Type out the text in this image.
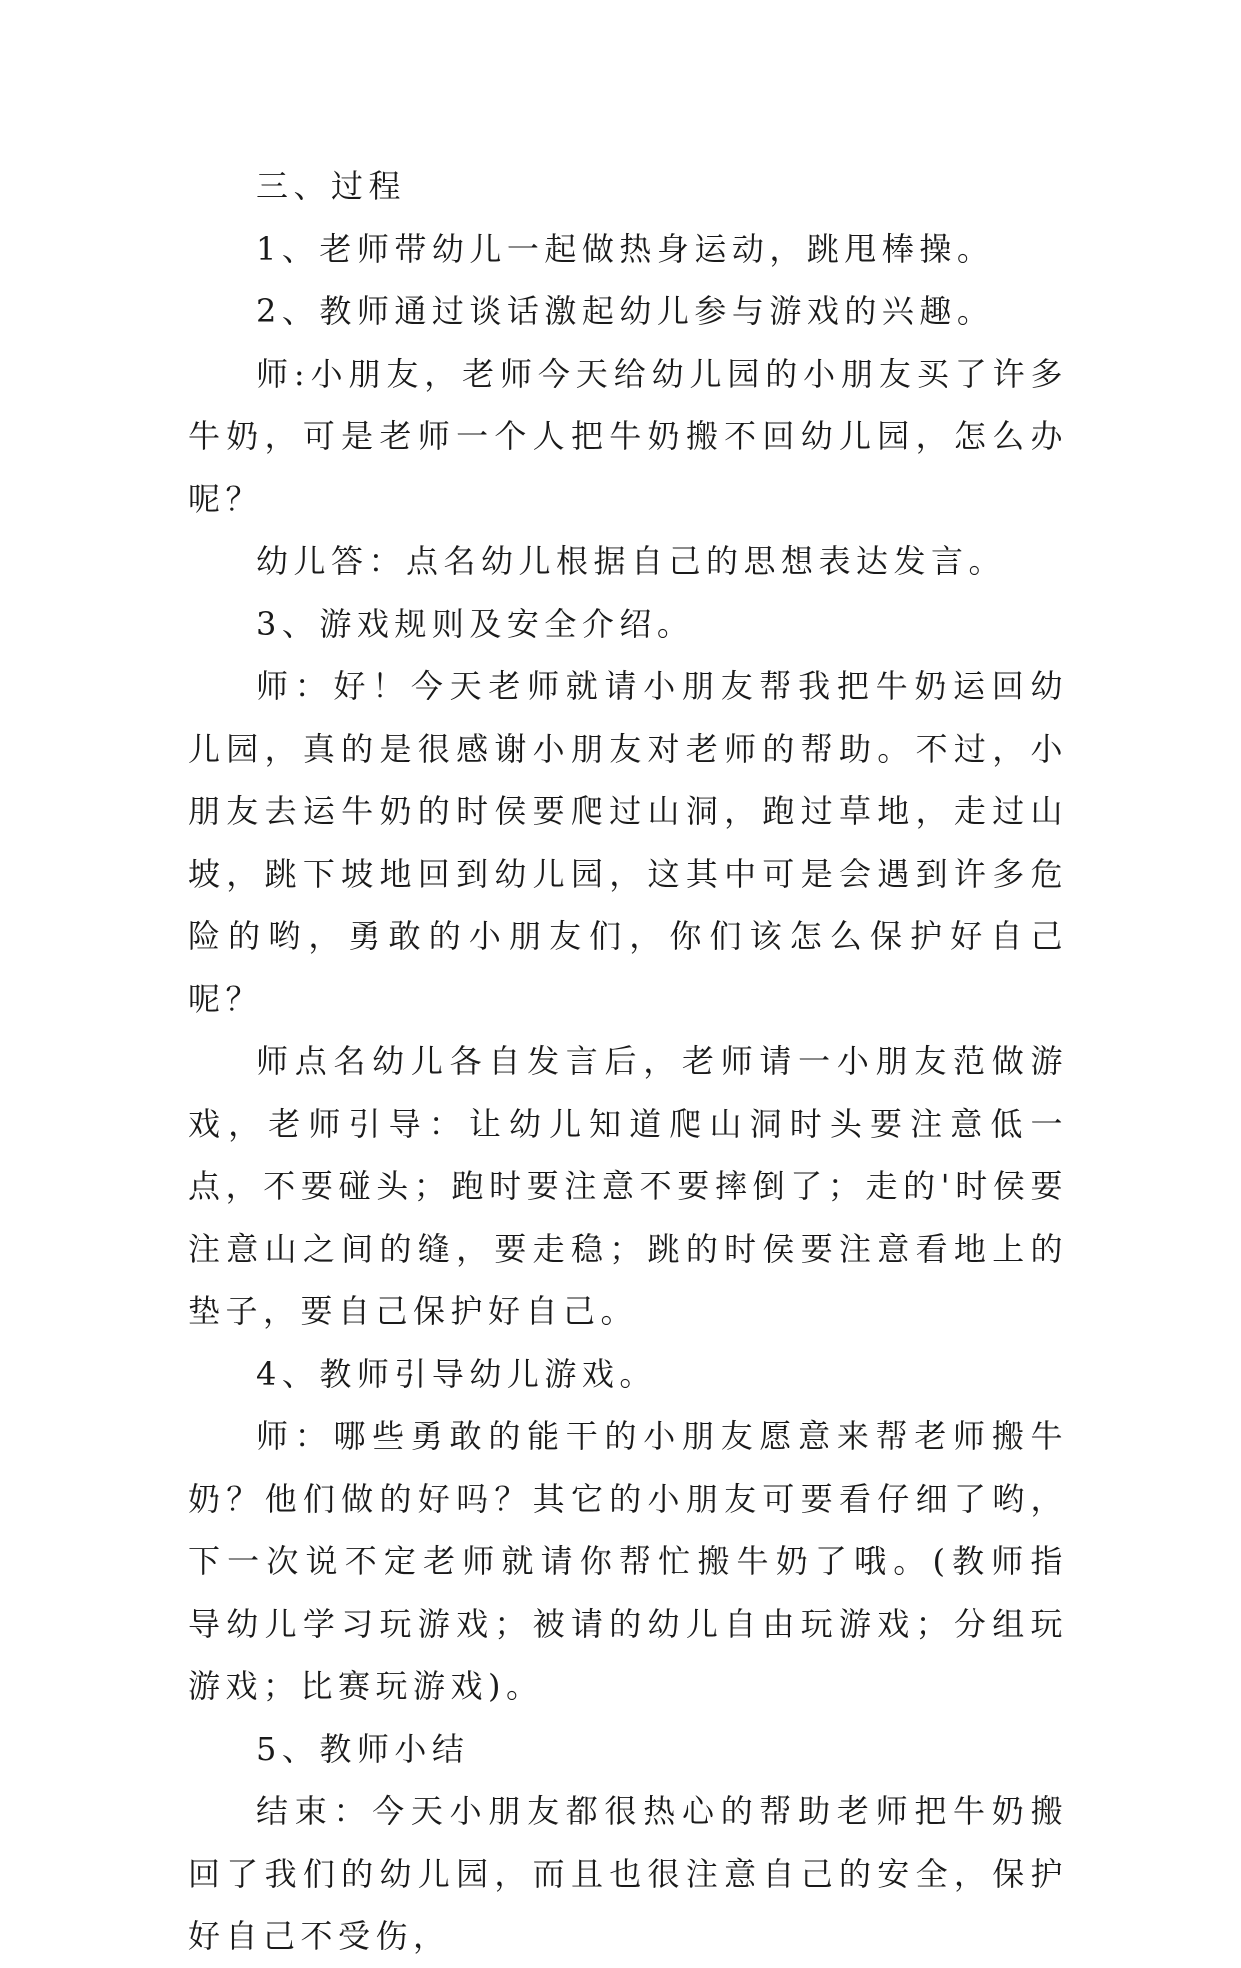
三、过程

1、老师带幼儿一起做热身运动，跳甩棒操。

2、教师通过谈话激起幼儿参与游戏的兴趣。

师:小朋友，老师今天给幼儿园的小朋友买了许多牛奶，可是老师一个人把牛奶搬不回幼儿园，怎么办呢？

幼儿答：点名幼儿根据自己的思想表达发言。

3、游戏规则及安全介绍。

师：好！今天老师就请小朋友帮我把牛奶运回幼儿园，真的是很感谢小朋友对老师的帮助。不过，小朋友去运牛奶的时侯要爬过山洞，跑过草地，走过山坡，跳下坡地回到幼儿园，这其中可是会遇到许多危险的哟，勇敢的小朋友们，你们该怎么保护好自己呢？

师点名幼儿各自发言后，老师请一小朋友范做游戏，老师引导：让幼儿知道爬山洞时头要注意低一点，不要碰头；跑时要注意不要摔倒了；走的'时侯要注意山之间的缝，要走稳；跳的时侯要注意看地上的垫子，要自己保护好自己。

4、教师引导幼儿游戏。

师：哪些勇敢的能干的小朋友愿意来帮老师搬牛奶？他们做的好吗？其它的小朋友可要看仔细了哟，下一次说不定老师就请你帮忙搬牛奶了哦。(教师指导幼儿学习玩游戏；被请的幼儿自由玩游戏；分组玩游戏；比赛玩游戏)。

5、教师小结

结束：今天小朋友都很热心的帮助老师把牛奶搬回了我们的幼儿园，而且也很注意自己的安全，保护好自己不受伤，
